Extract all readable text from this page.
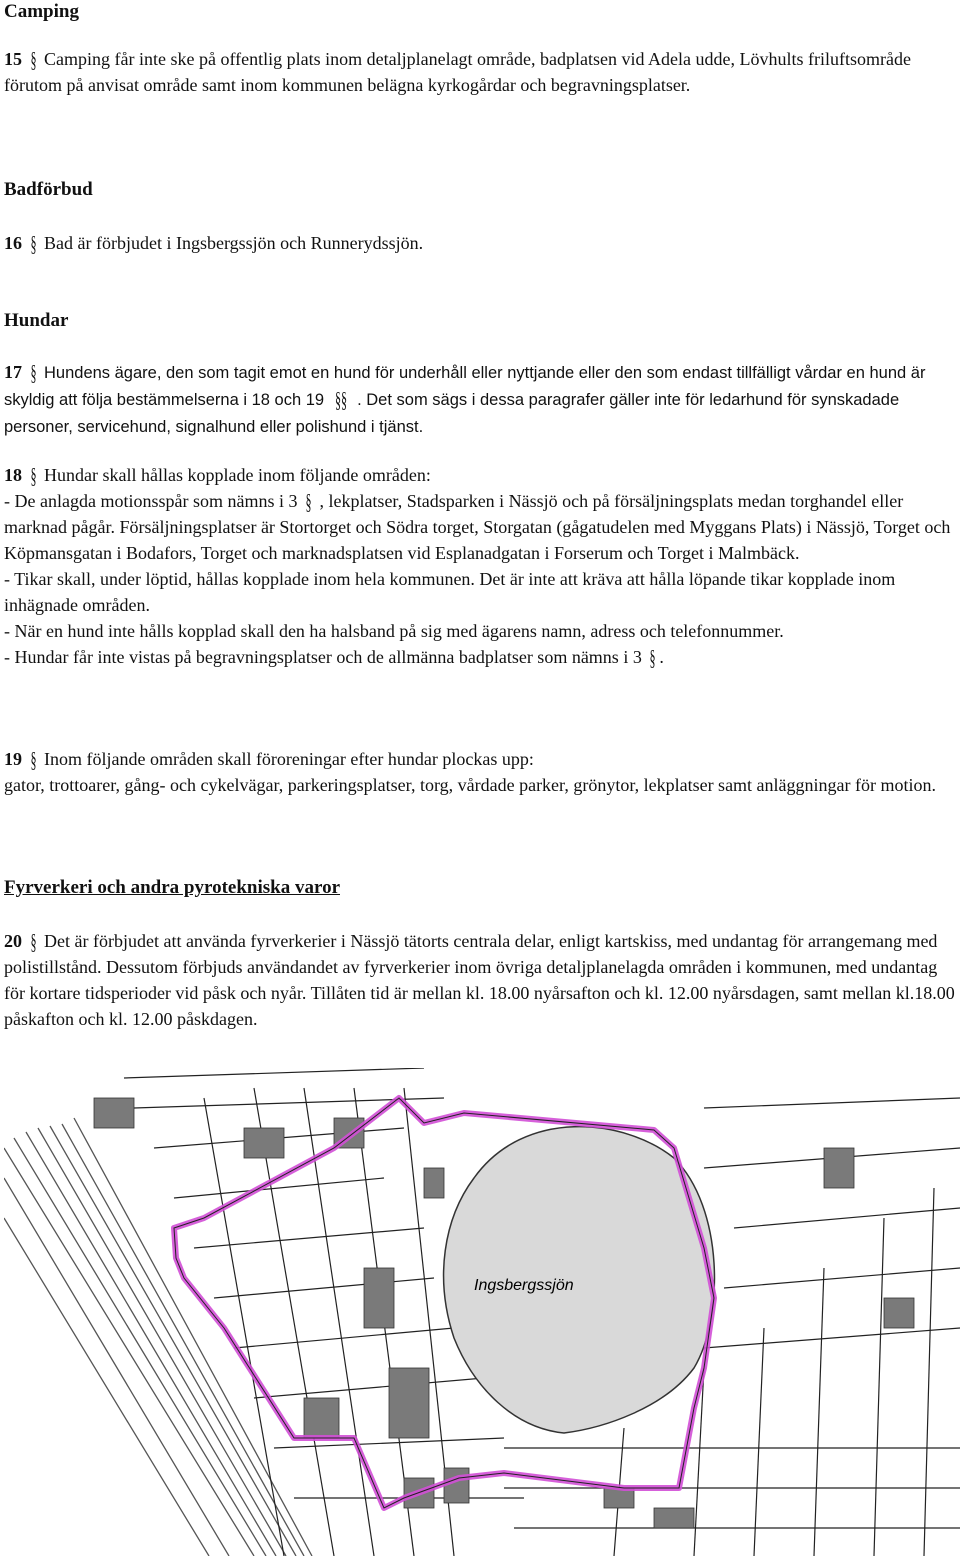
Camping

15 § Camping får inte ske på offentlig plats inom detaljplanelagt område, badplatsen vid Adela udde, Lövhults friluftsområde förutom på anvisat område samt inom kommunen belägna kyrkogårdar och begravningsplatser.

Badförbud

16 § Bad är förbjudet i Ingsbergssjön och Runnerydssjön.

Hundar

17 § Hundens ägare, den som tagit emot en hund för underhåll eller nyttjande eller den som endast tillfälligt vårdar en hund är skyldig att följa bestämmelserna i 18 och 19 §§ . Det som sägs i dessa paragrafer gäller inte för ledarhund för synskadade personer, servicehund, signalhund eller polishund i tjänst.

18 § Hundar skall hållas kopplade inom följande områden:

- De anlagda motionsspår som nämns i 3 § , lekplatser, Stadsparken i Nässjö och på försäljningsplats medan torghandel eller marknad pågår. Försäljningsplatser är Stortorget och Södra torget, Storgatan (gågatudelen med Myggans Plats) i Nässjö, Torget och Köpmansgatan i Bodafors, Torget och marknadsplatsen vid Esplanadgatan i Forserum och Torget i Malmbäck.

- Tikar skall, under löptid, hållas kopplade inom hela kommunen. Det är inte att kräva att hålla löpande tikar kopplade inom inhägnade områden.

- När en hund inte hålls kopplad skall den ha halsband på sig med ägarens namn, adress och telefonnummer.

- Hundar får inte vistas på begravningsplatser och de allmänna badplatser som nämns i 3 § .

19 § Inom följande områden skall föroreningar efter hundar plockas upp:

gator, trottoarer, gång- och cykelvägar, parkeringsplatser, torg, vårdade parker, grönytor, lekplatser samt anläggningar för motion.

Fyrverkeri och andra pyrotekniska varor

20 § Det är förbjudet att använda fyrverkerier i Nässjö tätorts centrala delar, enligt kartskiss, med undantag för arrangemang med polistillstånd. Dessutom förbjuds användandet av fyrverkerier inom övriga detaljplanelagda områden i kommunen, med undantag för kortare tidsperioder vid påsk och nyår. Tillåten tid är mellan kl. 18.00 nyårsafton och kl. 12.00 nyårsdagen, samt mellan kl.18.00 påskafton och kl. 12.00 påskdagen.

Ingsbergssjön
